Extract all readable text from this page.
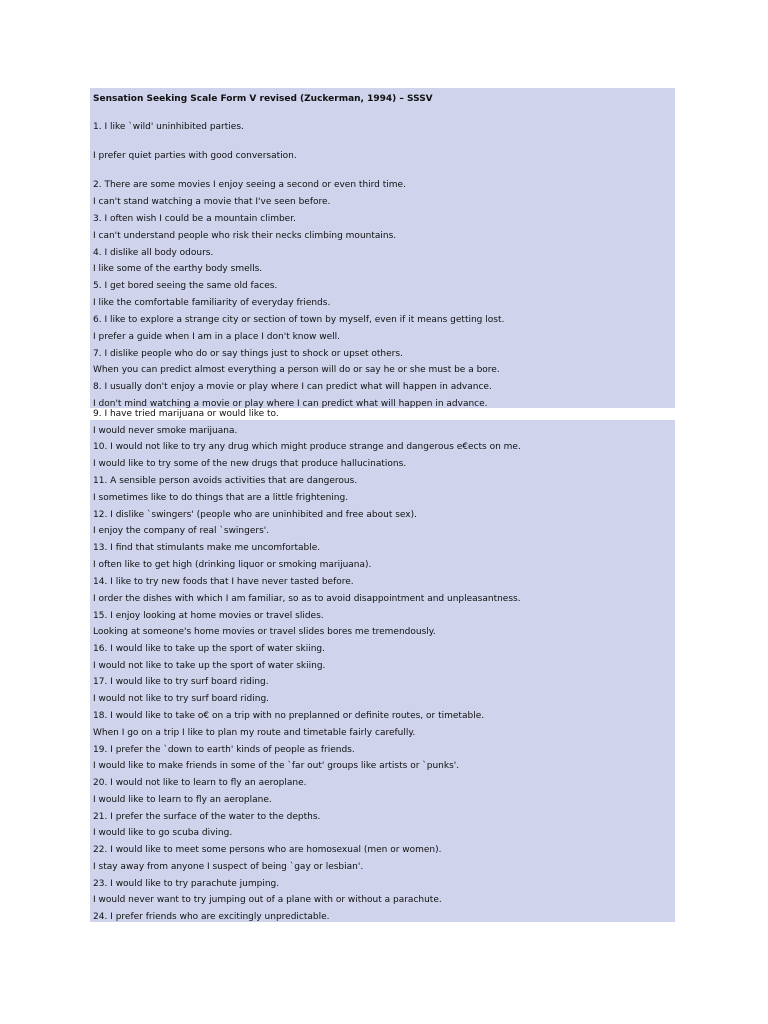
Sensation Seeking Scale Form V revised (Zuckerman, 1994) – SSSV
1. I like `wild' uninhibited parties.
I prefer quiet parties with good conversation.
2. There are some movies I enjoy seeing a second or even third time.
I can't stand watching a movie that I've seen before.
3. I often wish I could be a mountain climber.
I can't understand people who risk their necks climbing mountains.
4. I dislike all body odours.
I like some of the earthy body smells.
5. I get bored seeing the same old faces.
I like the comfortable familiarity of everyday friends.
6. I like to explore a strange city or section of town by myself, even if it means getting lost.
I prefer a guide when I am in a place I don't know well.
7. I dislike people who do or say things just to shock or upset others.
When you can predict almost everything a person will do or say he or she must be a bore.
8. I usually don't enjoy a movie or play where I can predict what will happen in advance.
I don't mind watching a movie or play where I can predict what will happen in advance.
9. I have tried marijuana or would like to.
I would never smoke marijuana.
10. I would not like to try any drug which might produce strange and dangerous e€ects on me.
I would like to try some of the new drugs that produce hallucinations.
11. A sensible person avoids activities that are dangerous.
I sometimes like to do things that are a little frightening.
12. I dislike `swingers' (people who are uninhibited and free about sex).
I enjoy the company of real `swingers'.
13. I find that stimulants make me uncomfortable.
I often like to get high (drinking liquor or smoking marijuana).
14. I like to try new foods that I have never tasted before.
I order the dishes with which I am familiar, so as to avoid disappointment and unpleasantness.
15. I enjoy looking at home movies or travel slides.
Looking at someone's home movies or travel slides bores me tremendously.
16. I would like to take up the sport of water skiing.
I would not like to take up the sport of water skiing.
17. I would like to try surf board riding.
I would not like to try surf board riding.
18. I would like to take o€ on a trip with no preplanned or definite routes, or timetable.
When I go on a trip I like to plan my route and timetable fairly carefully.
19. I prefer the `down to earth' kinds of people as friends.
I would like to make friends in some of the `far out' groups like artists or `punks'.
20. I would not like to learn to fly an aeroplane.
I would like to learn to fly an aeroplane.
21. I prefer the surface of the water to the depths.
I would like to go scuba diving.
22. I would like to meet some persons who are homosexual (men or women).
I stay away from anyone I suspect of being `gay or lesbian'.
23. I would like to try parachute jumping.
I would never want to try jumping out of a plane with or without a parachute.
24. I prefer friends who are excitingly unpredictable.
